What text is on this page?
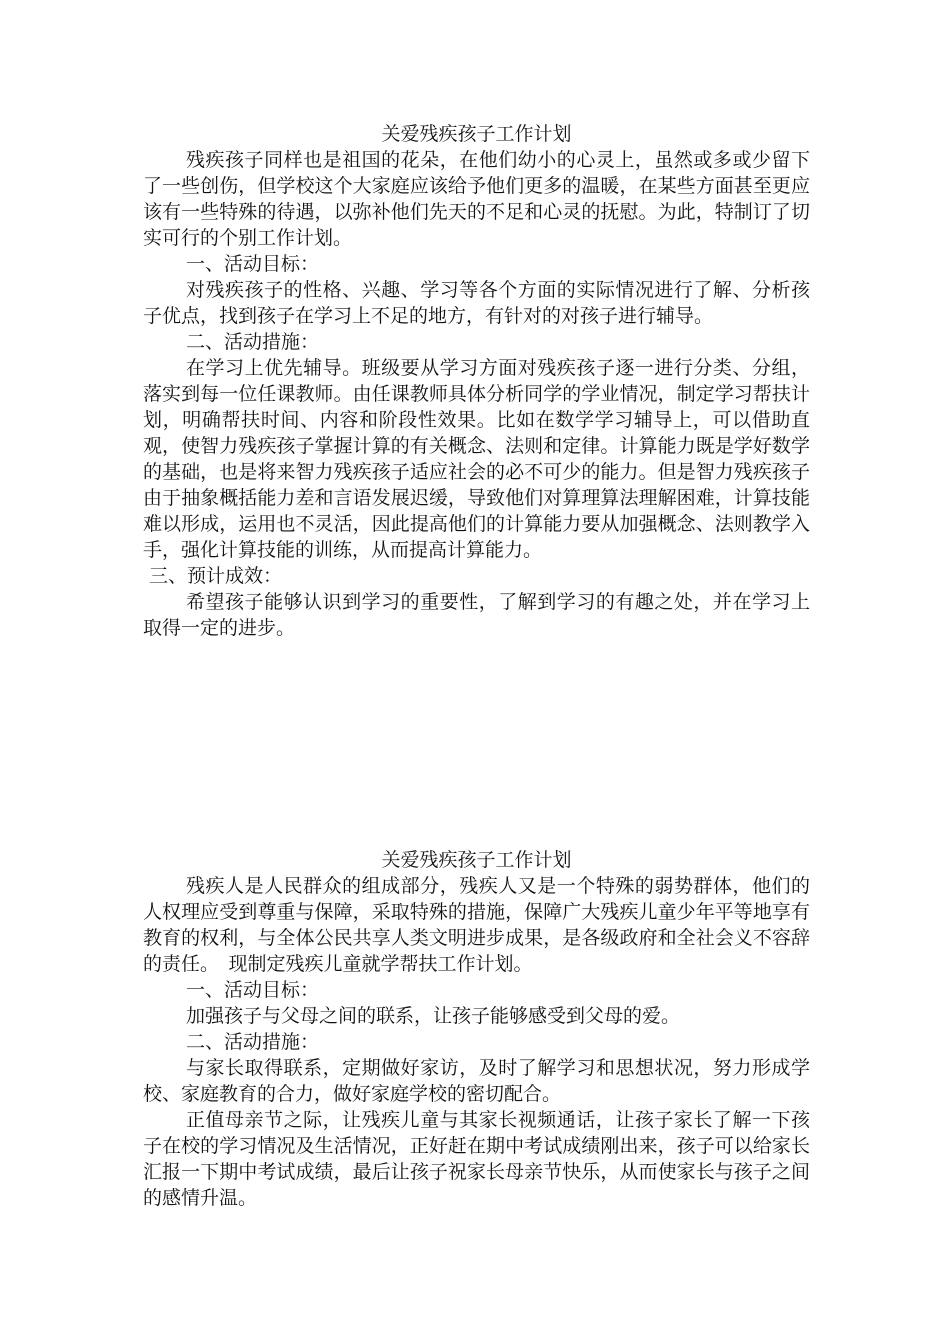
关爱残疾孩子工作计划

残疾孩子同样也是祖国的花朵，在他们幼小的心灵上，虽然或多或少留下了一些创伤，但学校这个大家庭应该给予他们更多的温暖，在某些方面甚至更应该有一些特殊的待遇，以弥补他们先天的不足和心灵的抚慰。为此，特制订了切实可行的个别工作计划。

一、活动目标：

对残疾孩子的性格、兴趣、学习等各个方面的实际情况进行了解、分析孩子优点，找到孩子在学习上不足的地方，有针对的对孩子进行辅导。

二、活动措施：

在学习上优先辅导。班级要从学习方面对残疾孩子逐一进行分类、分组，落实到每一位任课教师。由任课教师具体分析同学的学业情况，制定学习帮扶计划，明确帮扶时间、内容和阶段性效果。比如在数学学习辅导上，可以借助直观，使智力残疾孩子掌握计算的有关概念、法则和定律。计算能力既是学好数学的基础，也是将来智力残疾孩子适应社会的必不可少的能力。但是智力残疾孩子由于抽象概括能力差和言语发展迟缓，导致他们对算理算法理解困难，计算技能难以形成，运用也不灵活，因此提高他们的计算能力要从加强概念、法则教学入手，强化计算技能的训练，从而提高计算能力。

三、预计成效：

希望孩子能够认识到学习的重要性，了解到学习的有趣之处，并在学习上取得一定的进步。

关爱残疾孩子工作计划

残疾人是人民群众的组成部分，残疾人又是一个特殊的弱势群体，他们的人权理应受到尊重与保障，采取特殊的措施，保障广大残疾儿童少年平等地享有教育的权利，与全体公民共享人类文明进步成果，是各级政府和全社会义不容辞的责任。　现制定残疾儿童就学帮扶工作计划。

一、活动目标：

加强孩子与父母之间的联系，让孩子能够感受到父母的爱。

二、活动措施：

与家长取得联系，定期做好家访，及时了解学习和思想状况，努力形成学校、家庭教育的合力，做好家庭学校的密切配合。

正值母亲节之际，让残疾儿童与其家长视频通话，让孩子家长了解一下孩子在校的学习情况及生活情况，正好赶在期中考试成绩刚出来，孩子可以给家长汇报一下期中考试成绩，最后让孩子祝家长母亲节快乐，从而使家长与孩子之间的感情升温。
